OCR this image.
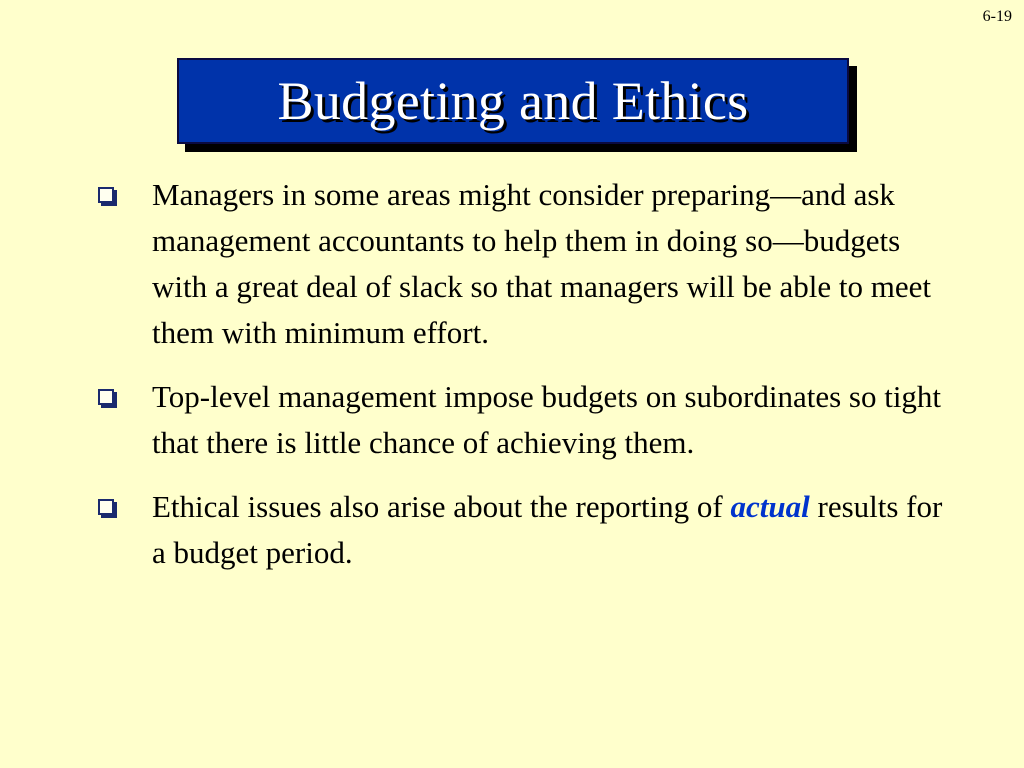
6-19
Budgeting and Ethics
Managers in some areas might consider preparing—and ask management accountants to help them in doing so—budgets with a great deal of slack so that managers will be able to meet them with minimum effort.
Top-level management impose budgets on subordinates so tight that there is little chance of achieving them.
Ethical issues also arise about the reporting of actual results for a budget period.
